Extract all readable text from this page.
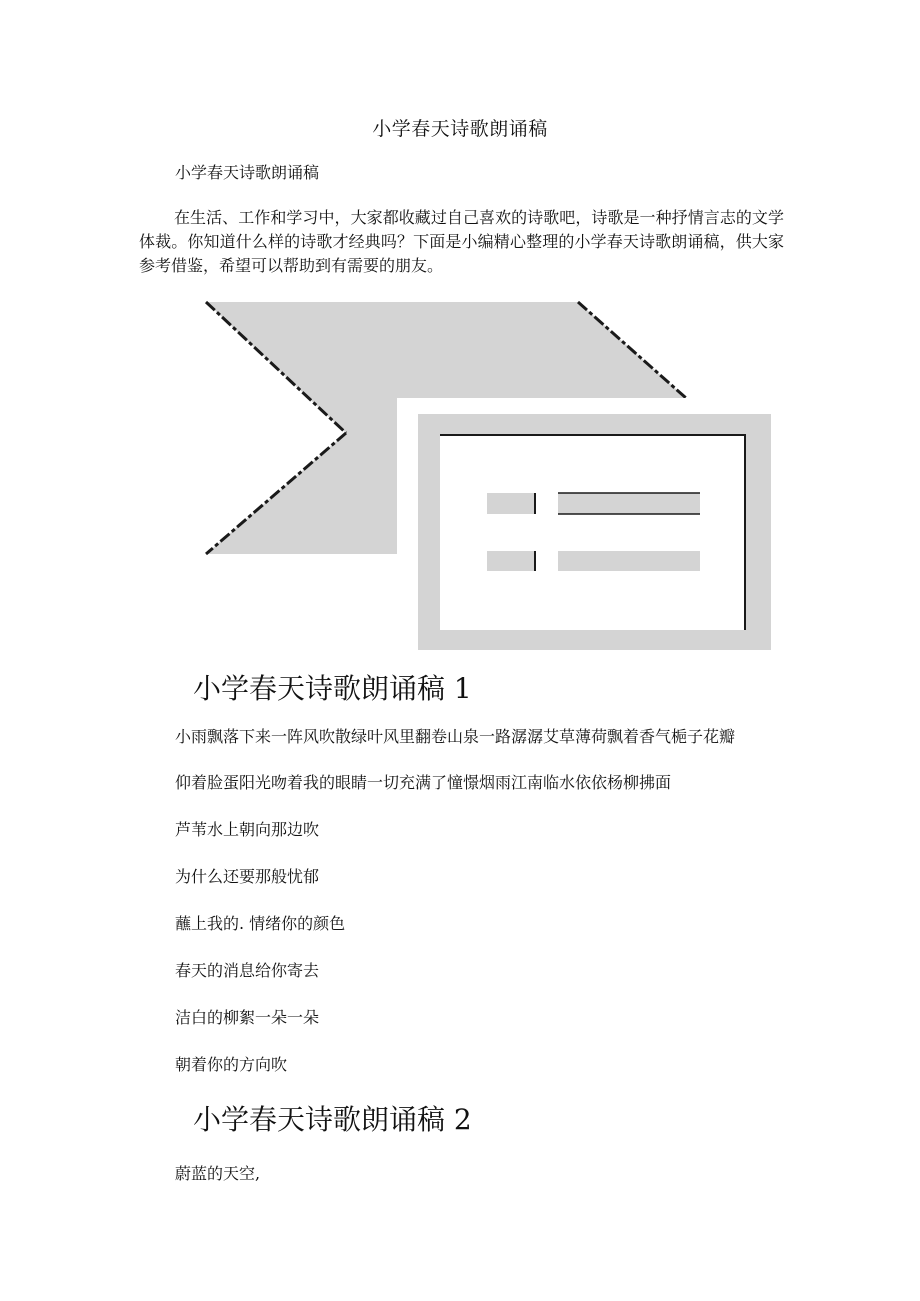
小学春天诗歌朗诵稿
小学春天诗歌朗诵稿

在生活、工作和学习中，大家都收藏过自己喜欢的诗歌吧，诗歌是一种抒情言志的文学体裁。你知道什么样的诗歌才经典吗？下面是小编精心整理的小学春天诗歌朗诵稿，供大家参考借鉴，希望可以帮助到有需要的朋友。

小学春天诗歌朗诵稿 1
小雨飘落下来一阵风吹散绿叶风里翻卷山泉一路潺潺艾草薄荷飘着香气梔子花瓣
仰着脸蛋阳光吻着我的眼睛一切充满了憧憬烟雨江南临水依依杨柳拂面
芦苇水上朝向那边吹
为什么还要那般忧郁
蘸上我的. 情绪你的颜色
春天的消息给你寄去
洁白的柳絮一朵一朵
朝着你的方向吹
小学春天诗歌朗诵稿 2
蔚蓝的天空,
